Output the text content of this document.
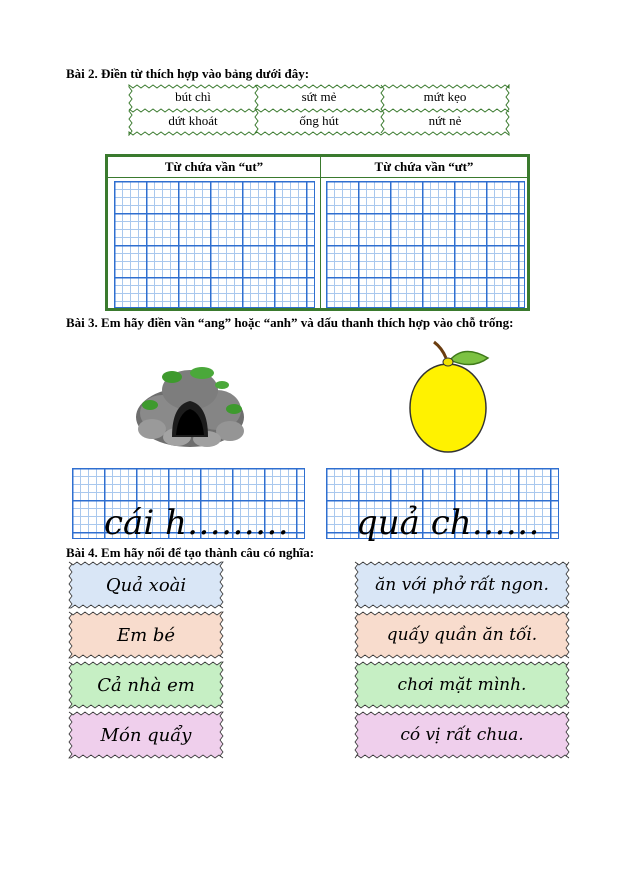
Bài 2. Điền từ thích hợp vào bảng dưới đây:
bút chì	sứt mẻ	mứt kẹo
dứt khoát	ống hút	nứt nẻ
Từ chứa vần “ut”	Từ chứa vần “ưt”
Bài 3. Em hãy điền vần “ang” hoặc “anh” và dấu thanh thích hợp vào chỗ trống:
cái h……… quả ch……
Bài 4. Em hãy nối để tạo thành câu có nghĩa:
Quả xoài
Em bé
Cả nhà em
Món quẩy
ăn với phở rất ngon.
quấy quần ăn tối.
chơi mặt mình.
có vị rất chua.
